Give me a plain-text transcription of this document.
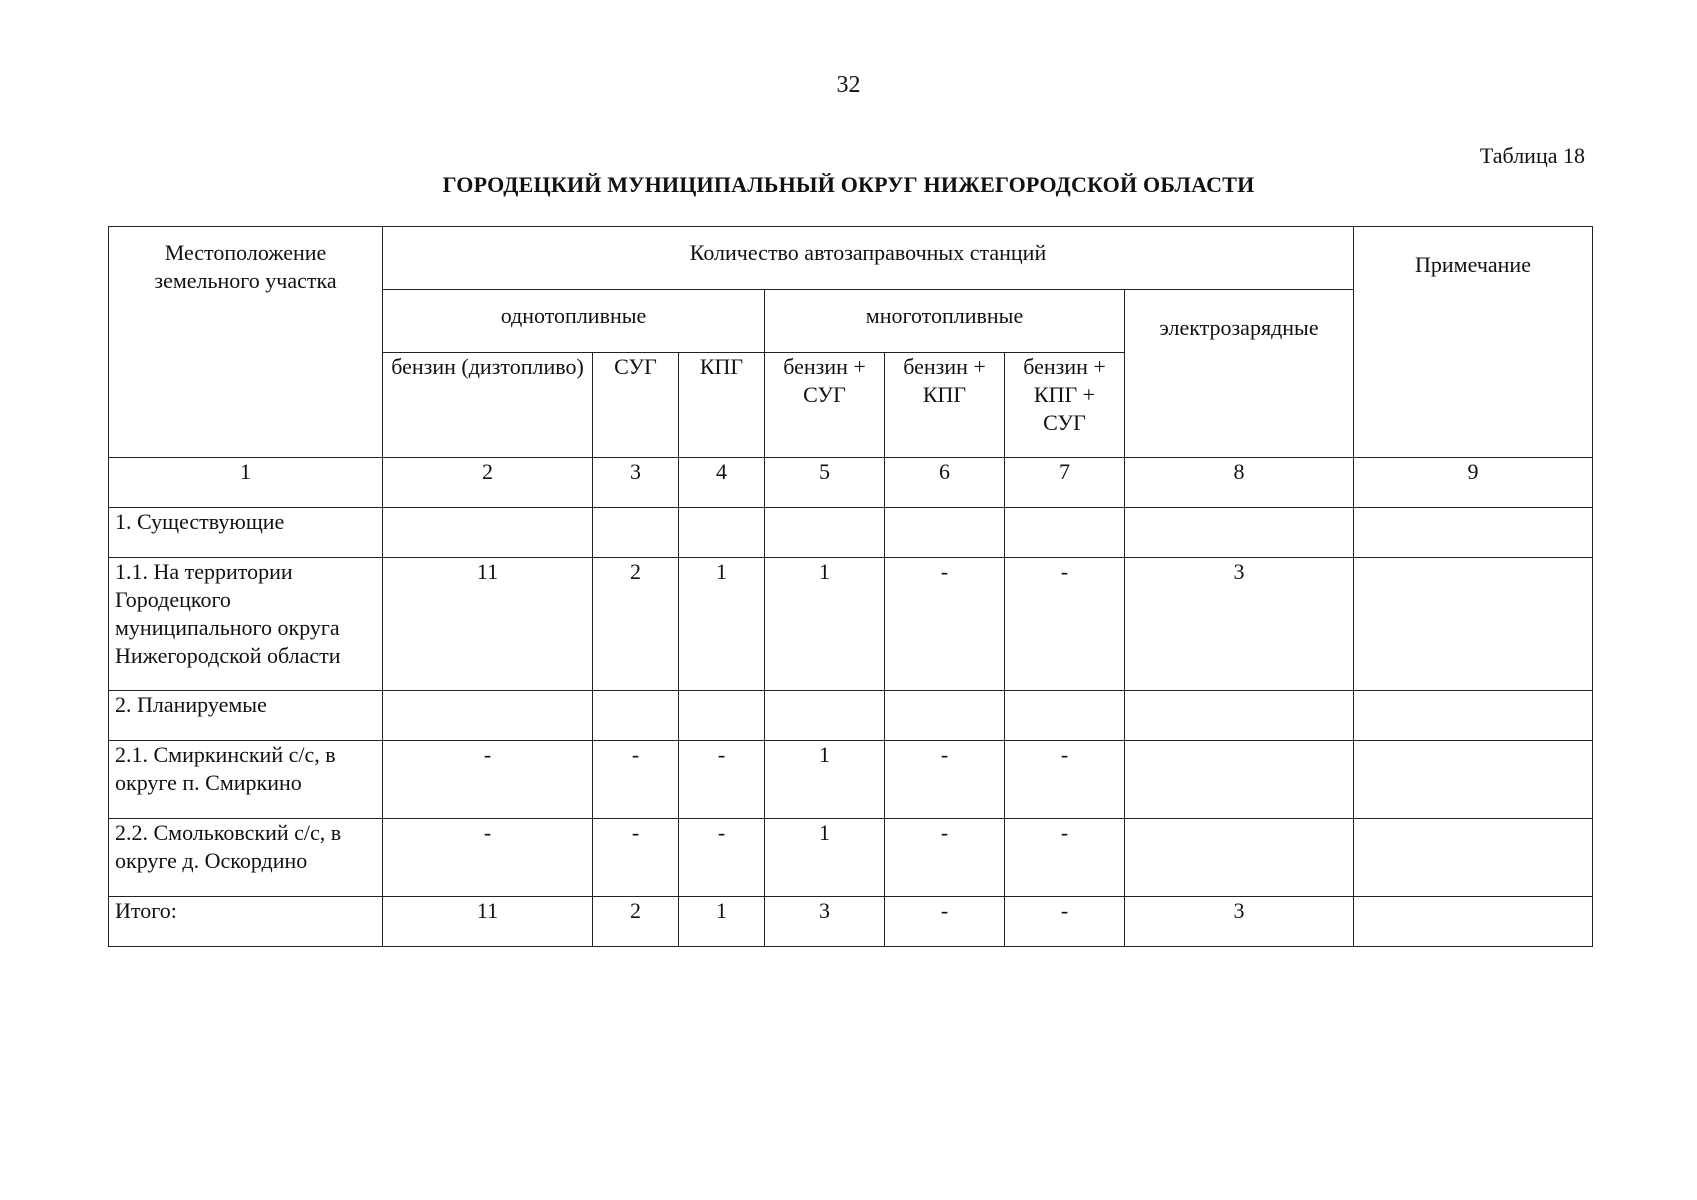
32
Таблица 18
ГОРОДЕЦКИЙ МУНИЦИПАЛЬНЫЙ ОКРУГ НИЖЕГОРОДСКОЙ ОБЛАСТИ
Местоположение земельного участка	Количество автозаправочных станций							Примечание
	однотопливные			многотопливные			электрозарядные	
	бензин (дизтопливо)	СУГ	КПГ	бензин + СУГ	бензин + КПГ	бензин + КПГ + СУГ		
1	2	3	4	5	6	7	8	9
1. Существующие								
1.1. На территории Городецкого муниципального округа Нижегородской области	11	2	1	1	-	-	3	
2. Планируемые								
2.1. Смиркинский с/с, в округе п. Смиркино	-	-	-	1	-	-		
2.2. Смольковский с/с, в округе д. Оскордино	-	-	-	1	-	-		
Итого:	11	2	1	3	-	-	3	
